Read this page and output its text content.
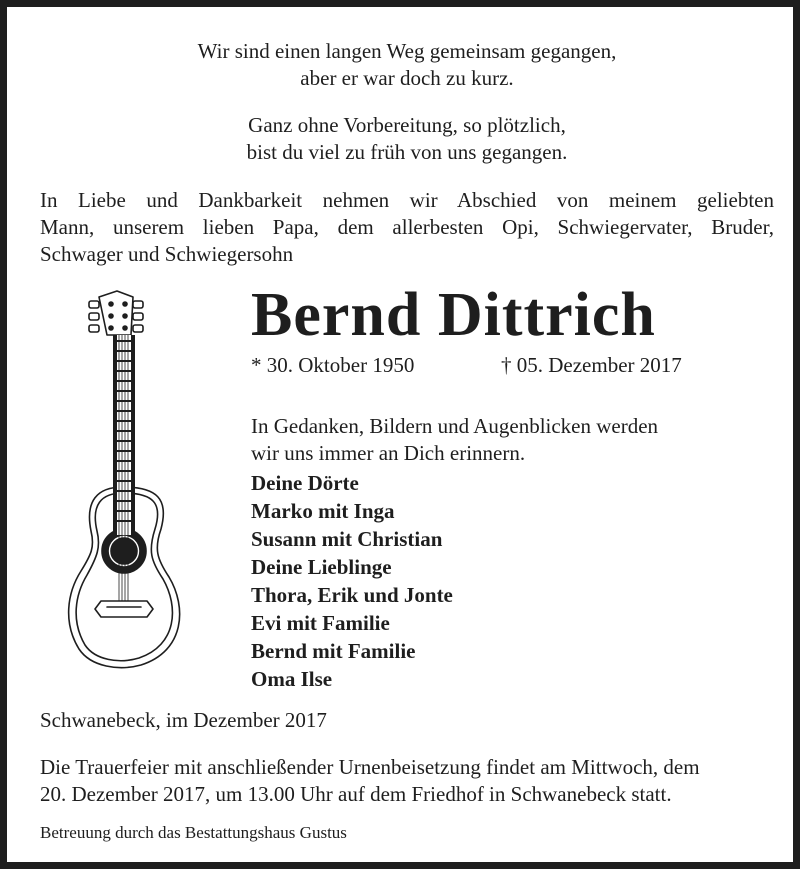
Wir sind einen langen Weg gemeinsam gegangen,
aber er war doch zu kurz.
Ganz ohne Vorbereitung, so plötzlich,
bist du viel zu früh von uns gegangen.
In Liebe und Dankbarkeit nehmen wir Abschied von meinem geliebten
Mann, unserem lieben Papa, dem allerbesten Opi, Schwiegervater, Bruder,
Schwager und Schwiegersohn
Bernd Dittrich
* 30. Oktober 1950	† 05. Dezember 2017
In Gedanken, Bildern und Augenblicken werden
wir uns immer an Dich erinnern.
Deine Dörte
Marko mit Inga
Susann mit Christian
Deine Lieblinge
Thora, Erik und Jonte
Evi mit Familie
Bernd mit Familie
Oma Ilse
Schwanebeck, im Dezember 2017
Die Trauerfeier mit anschließender Urnenbeisetzung findet am Mittwoch, dem
20. Dezember 2017, um 13.00 Uhr auf dem Friedhof in Schwanebeck statt.
Betreuung durch das Bestattungshaus Gustus
